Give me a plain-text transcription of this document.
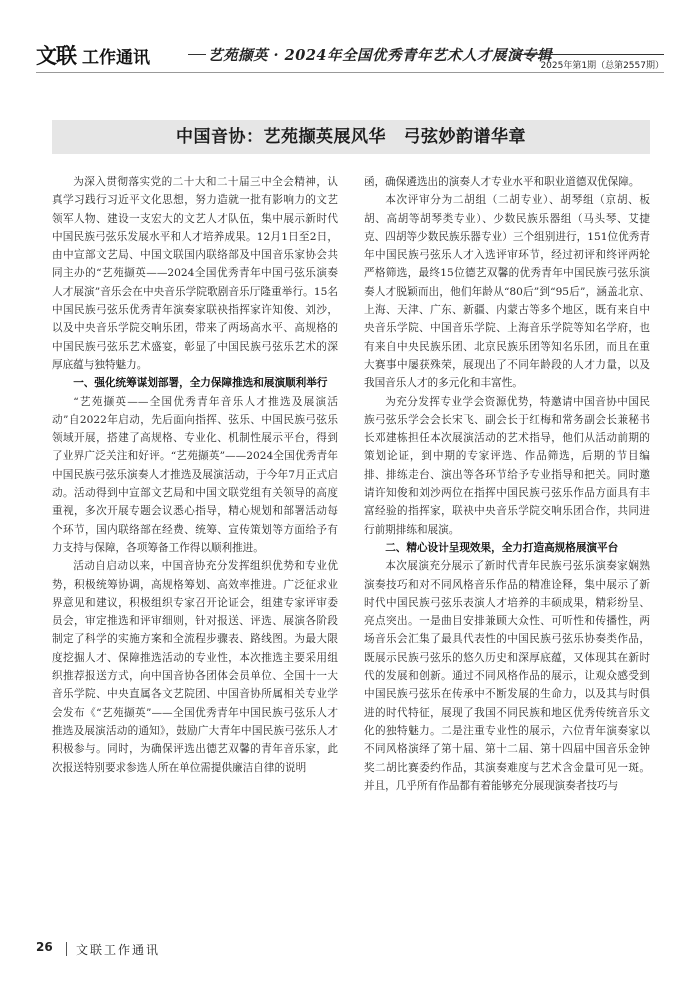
文联 工作通讯	艺苑撷英 · 2024年全国优秀青年艺术人才展演专辑
2025年第1期（总第2557期）
中国音协：艺苑撷英展风华　弓弦妙韵谱华章

为深入贯彻落实党的二十大和二十届三中全会精神，认真学习践行习近平文化思想，努力造就一批有影响力的文艺领军人物、建设一支宏大的文艺人才队伍，集中展示新时代中国民族弓弦乐发展水平和人才培养成果。12月1日至2日，由中宣部文艺局、中国文联国内联络部及中国音乐家协会共同主办的“艺苑撷英——2024全国优秀青年中国弓弦乐演奏人才展演”音乐会在中央音乐学院歌剧音乐厅隆重举行。15名中国民族弓弦乐优秀青年演奏家联袂指挥家许知俊、刘沙，以及中央音乐学院交响乐团，带来了两场高水平、高规格的中国民族弓弦乐艺术盛宴，彰显了中国民族弓弦乐艺术的深厚底蕴与独特魅力。

一、强化统筹谋划部署，全力保障推选和展演顺利举行

“艺苑撷英——全国优秀青年音乐人才推选及展演活动”自2022年启动，先后面向指挥、弦乐、中国民族弓弦乐领域开展，搭建了高规格、专业化、机制性展示平台，得到了业界广泛关注和好评。“艺苑撷英”——2024全国优秀青年中国民族弓弦乐演奏人才推选及展演活动，于今年7月正式启动。活动得到中宣部文艺局和中国文联党组有关领导的高度重视，多次开展专题会议悉心指导，精心规划和部署活动每个环节，国内联络部在经费、统筹、宣传策划等方面给予有力支持与保障，各项筹备工作得以顺利推进。

活动自启动以来，中国音协充分发挥组织优势和专业优势，积极统筹协调，高规格筹划、高效率推进。广泛征求业界意见和建议，积极组织专家召开论证会，组建专家评审委员会，审定推选和评审细则，针对报送、评选、展演各阶段制定了科学的实施方案和全流程步骤表、路线图。为最大限度挖掘人才、保障推选活动的专业性，本次推选主要采用组织推荐报送方式，向中国音协各团体会员单位、全国十一大音乐学院、中央直属各文艺院团、中国音协所属相关专业学会发布《“艺苑撷英”——全国优秀青年中国民族弓弦乐人才推选及展演活动的通知》，鼓励广大青年中国民族弓弦乐人才积极参与。同时，为确保评选出德艺双馨的青年音乐家，此次报送特别要求参选人所在单位需提供廉洁自律的说明

函，确保遴选出的演奏人才专业水平和职业道德双优保障。

本次评审分为二胡组（二胡专业）、胡琴组（京胡、板胡、高胡等胡琴类专业）、少数民族乐器组（马头琴、艾捷克、四胡等少数民族乐器专业）三个组别进行，151位优秀青年中国民族弓弦乐人才入选评审环节，经过初评和终评两轮严格筛选，最终15位德艺双馨的优秀青年中国民族弓弦乐演奏人才脱颖而出，他们年龄从“80后”到“95后”，涵盖北京、上海、天津、广东、新疆、内蒙古等多个地区，既有来自中央音乐学院、中国音乐学院、上海音乐学院等知名学府，也有来自中央民族乐团、北京民族乐团等知名乐团，而且在重大赛事中屡获殊荣，展现出了不同年龄段的人才力量，以及我国音乐人才的多元化和丰富性。

为充分发挥专业学会资源优势，特邀请中国音协中国民族弓弦乐学会会长宋飞、副会长于红梅和常务副会长兼秘书长邓建栋担任本次展演活动的艺术指导，他们从活动前期的策划论证，到中期的专家评选、作品筛选，后期的节目编排、排练走台、演出等各环节给予专业指导和把关。同时邀请许知俊和刘沙两位在指挥中国民族弓弦乐作品方面具有丰富经验的指挥家，联袂中央音乐学院交响乐团合作，共同进行前期排练和展演。

二、精心设计呈现效果，全力打造高规格展演平台

本次展演充分展示了新时代青年民族弓弦乐演奏家娴熟演奏技巧和对不同风格音乐作品的精准诠释，集中展示了新时代中国民族弓弦乐表演人才培养的丰硕成果，精彩纷呈、亮点突出。一是曲目安排兼顾大众性、可听性和传播性，两场音乐会汇集了最具代表性的中国民族弓弦乐协奏类作品，既展示民族弓弦乐的悠久历史和深厚底蕴，又体现其在新时代的发展和创新。通过不同风格作品的展示，让观众感受到中国民族弓弦乐在传承中不断发展的生命力，以及其与时俱进的时代特征，展现了我国不同民族和地区优秀传统音乐文化的独特魅力。二是注重专业性的展示，六位青年演奏家以不同风格演绎了第十届、第十二届、第十四届中国音乐金钟奖二胡比赛委约作品，其演奏难度与艺术含金量可见一斑。并且，几乎所有作品都有着能够充分展现演奏者技巧与

26 文联工作通讯
